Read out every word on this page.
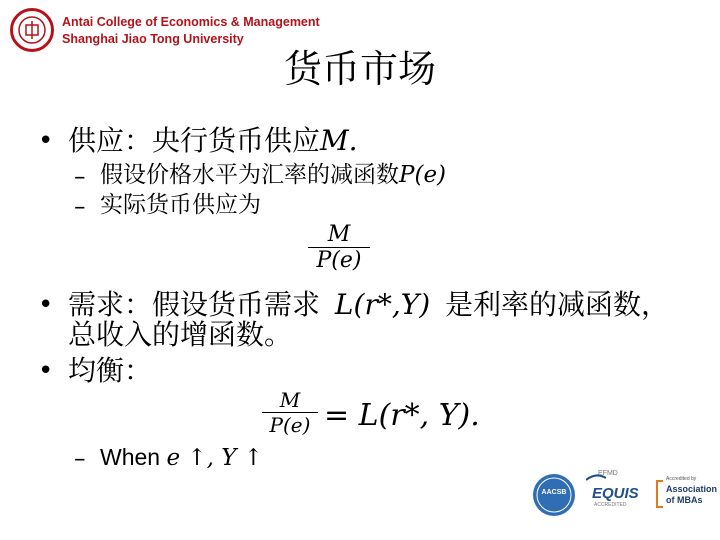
Antai College of Economics & Management
Shanghai Jiao Tong University
货币市场
• 供应：央行货币供应M.
– 假设价格水平为汇率的减函数P(e)
– 实际货币供应为
M
P(e)
• 需求：假设货币需求 L(r*,Y) 是利率的减函数，
总收入的增函数。
• 均衡：
M
P(e) = L(r*, Y).
– When e ↑, Y ↑
AACSB
EFMD
EQUIS
ACCREDITED
Accredited by
Association
of MBAs
